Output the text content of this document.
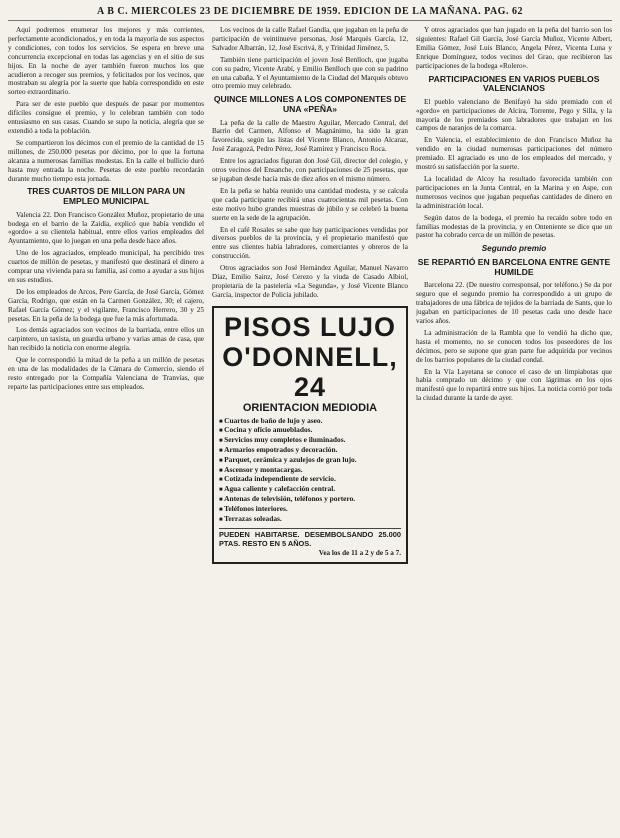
A B C. MIERCOLES 23 DE DICIEMBRE DE 1959. EDICION DE LA MAÑANA. PAG. 62

Aquí podremos enumerar los mejores y más corrientes, perfectamente acondicionados, y en toda la mayoría de sus aspectos y condiciones, con todos los servicios. Se espera en breve una concurrencia excepcional en todas las agencias y en el sitio de sus hijos. En la noche de ayer también fueron muchos los que acudieron a recoger sus premios, y felicitados por los vecinos, que mostraban su alegría por la suerte que había correspondido en este sorteo extraordinario.

Para ser de este pueblo que después de pasar por momentos difíciles consigue el premio, y lo celebran también con todo entusiasmo en sus casas. Cuando se supo la noticia, alegría que se extendió a toda la población.

Se compartieron los décimos con el premio de la cantidad de 15 millones, de 250.000 pesetas por décimo, por lo que la fortuna alcanza a numerosas familias modestas. En la calle el bullicio duró hasta muy entrada la noche. Pesetas de este pueblo recordarán durante mucho tiempo esta jornada.

TRES CUARTOS DE MILLON PARA UN EMPLEO MUNICIPAL

Valencia 22. Don Francisco González Muñoz, propietario de una bodega en el barrio de la Zaidía, explicó que había vendido el «gordo» a su clientela habitual, entre ellos varios empleados del Ayuntamiento, que lo juegan en una peña desde hace años.

Uno de los agraciados, empleado municipal, ha percibido tres cuartos de millón de pesetas, y manifestó que destinará el dinero a comprar una vivienda para su familia, así como a ayudar a sus hijos en sus estudios.

De los empleados de Arcos, Pere García, de José García, Gómez García, Rodrigo, que están en la Carmen González, 30; el cajero, Rafael García Gómez; y el vigilante, Francisco Herrero, 30 y 25 pesetas. En la peña de la bodega que fue la más afortunada.

Los demás agraciados son vecinos de la barriada, entre ellos un carpintero, un taxista, un guardia urbano y varias amas de casa, que han recibido la noticia con enorme alegría.

Que le correspondió la mitad de la peña a un millón de pesetas en una de las modalidades de la Cámara de Comercio, siendo el resto entregado por la Compañía Valenciana de Tranvías, que reparte las participaciones entre sus empleados.

Los vecinos de la calle Rafael Gandía, que jugaban en la peña de participación de veintinueve personas, José Marqués García, 12, Salvador Albarrán, 12, José Escrivá, 8, y Trinidad Jiménez, 5.

También tiene participación el joven José Benlloch, que jugaba con su padre, Vicente Arabí, y Emilio Benlloch que con su padrino en una cabaña. Y el Ayuntamiento de la Ciudad del Marqués obtuvo otro premio muy celebrado.

QUINCE MILLONES A LOS COMPONENTES DE UNA «PEÑA»

La peña de la calle de Maestro Aguilar, Mercado Central, del Barrio del Carmen, Alfonso el Magnánimo, ha sido la gran favorecida, según las listas del Vicente Blanco, Antonio Alcaraz, José Zaragozá, Pedro Pérez, José Ramírez y Francisco Roca.

Entre los agraciados figuran don José Gil, director del colegio, y otros vecinos del Ensanche, con participaciones de 25 pesetas, que se jugaban desde hacía más de diez años en el mismo número.

En la peña se había reunido una cantidad modesta, y se calcula que cada participante recibirá unas cuatrocientas mil pesetas. Con este motivo hubo grandes muestras de júbilo y se celebró la buena suerte en la sede de la agrupación.

En el café Rosales se sabe que hay participaciones vendidas por diversos pueblos de la provincia, y el propietario manifestó que entre sus clientes había labradores, comerciantes y obreros de la construcción.

Otros agraciados son José Hernández Aguilar, Manuel Navarro Díaz, Emilio Sainz, José Cerezo y la viuda de Casado Albiol, propietaria de la pastelería «La Segunda», y José Vicente Blanco García, inspector de Policía jubilado.

PISOS LUJO
O'DONNELL, 24
ORIENTACION MEDIODIA
■ Cuartos de baño de lujo y aseo.
■ Cocina y oficio amueblados.
■ Servicios muy completos e iluminados.
■ Armarios empotrados y decoración.
■ Parquet, cerámica y azulejos de gran lujo.
■ Ascensor y montacargas.
■ Cotizada independiente de servicio.
■ Agua caliente y calefacción central.
■ Antenas de televisión, teléfonos y portero.
■ Teléfonos interiores.
■ Terrazas soleadas.
PUEDEN HABITARSE. DESEMBOLSANDO 25.000 PTAS. RESTO EN 5 AÑOS.
Vea los de 11 a 2 y de 5 a 7.

Y otros agraciados que han jugado en la peña del barrio son los siguientes: Rafael Gil García, José García Muñoz, Vicente Albert, Emilia Gómez, José Luis Blanco, Angela Pérez, Vicenta Luna y Enrique Domínguez, todos vecinos del Grao, que recibieron las participaciones de la bodega «Rolero».

PARTICIPACIONES EN VARIOS PUEBLOS VALENCIANOS

El pueblo valenciano de Benifayó ha sido premiado con el «gordo» en participaciones de Alcira, Torrente, Pego y Silla, y la mayoría de los premiados son labradores que trabajan en los campos de naranjos de la comarca.

En Valencia, el establecimiento de don Francisco Muñoz ha vendido en la ciudad numerosas participaciones del número premiado. El agraciado es uno de los empleados del mercado, y mostró su satisfacción por la suerte.

La localidad de Alcoy ha resultado favorecida también con participaciones en la Junta Central, en la Marina y en Aspe, con numerosos vecinos que jugaban pequeñas cantidades de dinero en la administración local.

Según datos de la bodega, el premio ha recaído sobre todo en familias modestas de la provincia, y en Onteniente se dice que un pastor ha cobrado cerca de un millón de pesetas.

Segundo premio
SE REPARTIÓ EN BARCELONA ENTRE GENTE HUMILDE

Barcelona 22. (De nuestro corresponsal, por teléfono.) Se da por seguro que el segundo premio ha correspondido a un grupo de trabajadores de una fábrica de tejidos de la barriada de Sants, que lo jugaban en participaciones de 10 pesetas cada uno desde hace varios años.

La administración de la Rambla que lo vendió ha dicho que, hasta el momento, no se conocen todos los poseedores de los décimos, pero se supone que gran parte fue adquirida por vecinos de los barrios populares de la ciudad condal.

En la Vía Layetana se conoce el caso de un limpiabotas que había comprado un décimo y que con lágrimas en los ojos manifestó que lo repartirá entre sus hijos. La noticia corrió por toda la ciudad durante la tarde de ayer.
